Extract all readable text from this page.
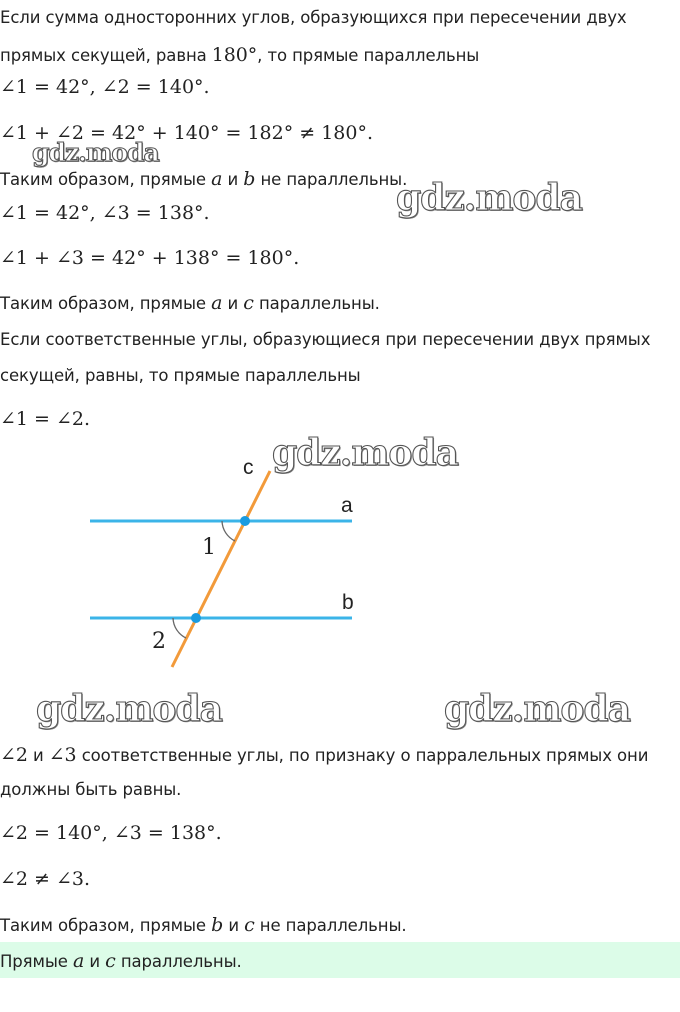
Если сумма односторонних углов, образующихся при пересечении двух
прямых секущей, равна 180°, то прямые параллельны
∠1 = 42°, ∠2 = 140°.
∠1 + ∠2 = 42° + 140° = 182° ≠ 180°.
Таким образом, прямые a и b не параллельны.
∠1 = 42°, ∠3 = 138°.
∠1 + ∠3 = 42° + 138° = 180°.
Таким образом, прямые a и c параллельны.
Если соответственные углы, образующиеся при пересечении двух прямых
секущей, равны, то прямые параллельны
∠1 = ∠2.
c
a
b
1
2
∠2 и ∠3 соответственные углы, по признаку о парралельных прямых они
должны быть равны.
∠2 = 140°, ∠3 = 138°.
∠2 ≠ ∠3.
Таким образом, прямые b и c не параллельны.
Прямые a и c параллельны.
gdz.moda
gdz.moda
gdz.moda
gdz.moda	gdz.moda
